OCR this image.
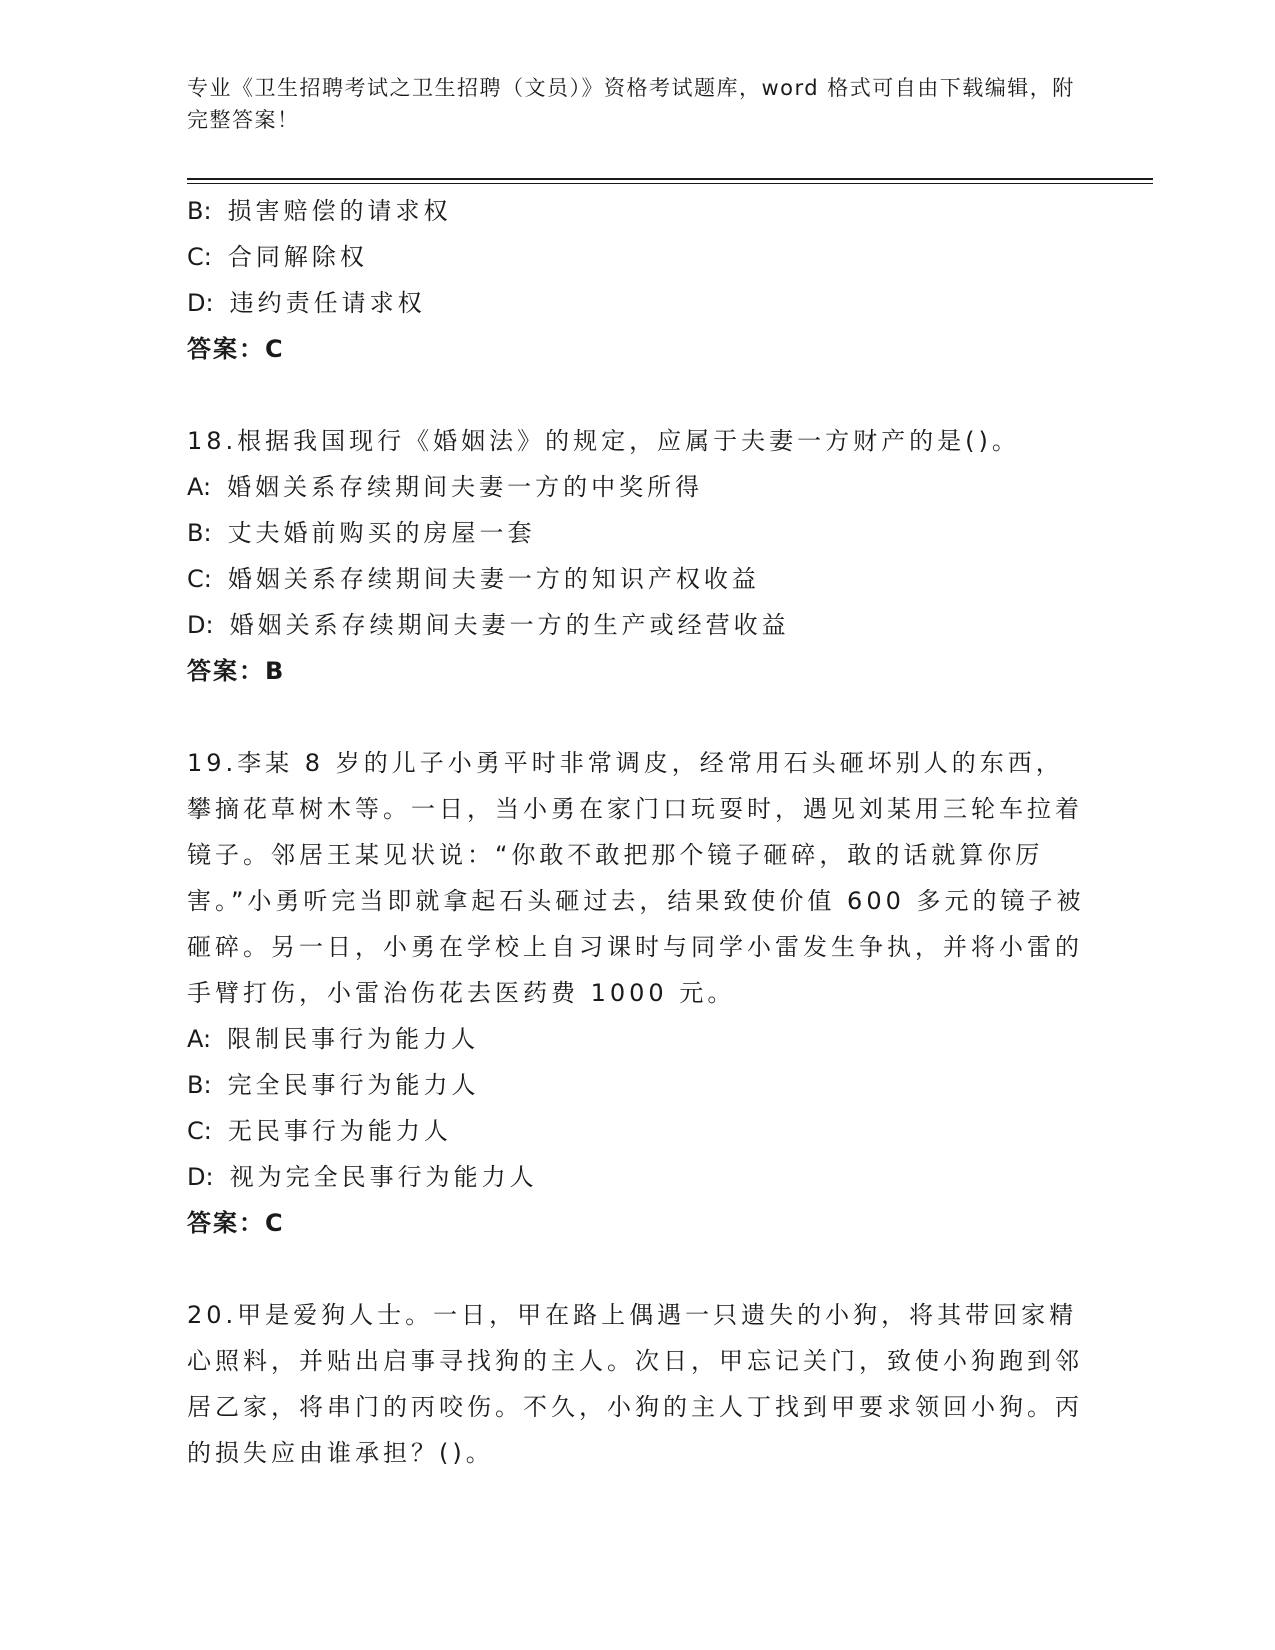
专业《卫生招聘考试之卫生招聘（文员）》资格考试题库，word 格式可自由下载编辑，附完整答案！
B: 损害赔偿的请求权
C: 合同解除权
D: 违约责任请求权
答案：C
18.根据我国现行《婚姻法》的规定，应属于夫妻一方财产的是()。
A: 婚姻关系存续期间夫妻一方的中奖所得
B: 丈夫婚前购买的房屋一套
C: 婚姻关系存续期间夫妻一方的知识产权收益
D: 婚姻关系存续期间夫妻一方的生产或经营收益
答案：B
19.李某 8 岁的儿子小勇平时非常调皮，经常用石头砸坏别人的东西，攀摘花草树木等。一日，当小勇在家门口玩耍时，遇见刘某用三轮车拉着镜子。邻居王某见状说：“你敢不敢把那个镜子砸碎，敢的话就算你厉害。”小勇听完当即就拿起石头砸过去，结果致使价值 600 多元的镜子被砸碎。另一日，小勇在学校上自习课时与同学小雷发生争执，并将小雷的手臂打伤，小雷治伤花去医药费 1000 元。
A: 限制民事行为能力人
B: 完全民事行为能力人
C: 无民事行为能力人
D: 视为完全民事行为能力人
答案：C
20.甲是爱狗人士。一日，甲在路上偶遇一只遗失的小狗，将其带回家精心照料，并贴出启事寻找狗的主人。次日，甲忘记关门，致使小狗跑到邻居乙家，将串门的丙咬伤。不久，小狗的主人丁找到甲要求领回小狗。丙的损失应由谁承担？()。
